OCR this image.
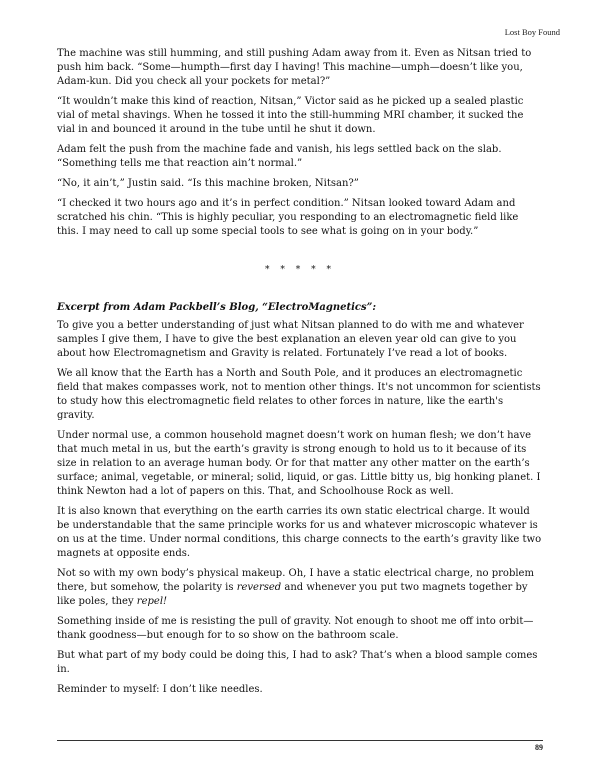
Lost Boy Found

The machine was still humming, and still pushing Adam away from it. Even as Nitsan tried to push him back. “Some—humpth—first day I having! This machine—umph—doesn’t like you, Adam-kun. Did you check all your pockets for metal?”

“It wouldn’t make this kind of reaction, Nitsan,” Victor said as he picked up a sealed plastic vial of metal shavings. When he tossed it into the still-humming MRI chamber, it sucked the vial in and bounced it around in the tube until he shut it down.

Adam felt the push from the machine fade and vanish, his legs settled back on the slab. “Something tells me that reaction ain’t normal.”

“No, it ain’t,” Justin said. “Is this machine broken, Nitsan?”

“I checked it two hours ago and it’s in perfect condition.” Nitsan looked toward Adam and scratched his chin. “This is highly peculiar, you responding to an electromagnetic field like this. I may need to call up some special tools to see what is going on in your body.”

* * * * *

Excerpt from Adam Packbell’s Blog, “ElectroMagnetics”:

To give you a better understanding of just what Nitsan planned to do with me and whatever samples I give them, I have to give the best explanation an eleven year old can give to you about how Electromagnetism and Gravity is related. Fortunately I’ve read a lot of books.

We all know that the Earth has a North and South Pole, and it produces an electromagnetic field that makes compasses work, not to mention other things. It's not uncommon for scientists to study how this electromagnetic field relates to other forces in nature, like the earth's gravity.

Under normal use, a common household magnet doesn’t work on human flesh; we don’t have that much metal in us, but the earth’s gravity is strong enough to hold us to it because of its size in relation to an average human body. Or for that matter any other matter on the earth’s surface; animal, vegetable, or mineral; solid, liquid, or gas. Little bitty us, big honking planet. I think Newton had a lot of papers on this. That, and Schoolhouse Rock as well.

It is also known that everything on the earth carries its own static electrical charge. It would be understandable that the same principle works for us and whatever microscopic whatever is on us at the time. Under normal conditions, this charge connects to the earth’s gravity like two magnets at opposite ends.

Not so with my own body’s physical makeup. Oh, I have a static electrical charge, no problem there, but somehow, the polarity is reversed and whenever you put two magnets together by like poles, they repel!

Something inside of me is resisting the pull of gravity. Not enough to shoot me off into orbit—thank goodness—but enough for to so show on the bathroom scale.

But what part of my body could be doing this, I had to ask? That’s when a blood sample comes in.

Reminder to myself: I don’t like needles.

89
